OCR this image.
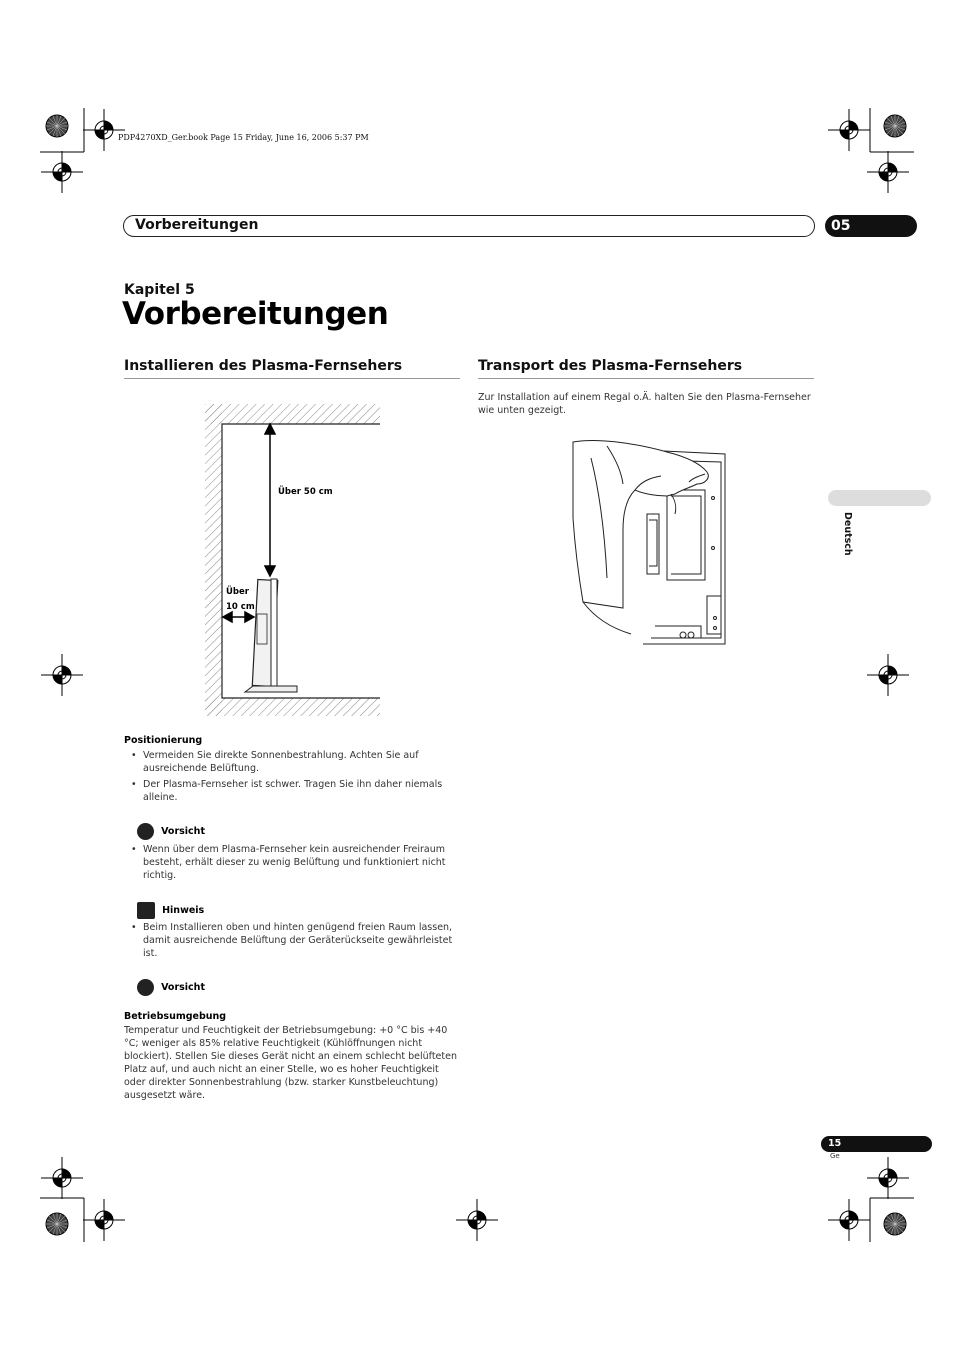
PDP4270XD_Ger.book Page 15 Friday, June 16, 2006 5:37 PM
Vorbereitungen	05
Kapitel 5
Vorbereitungen
Installieren des Plasma-Fernsehers
Über 50 cm
Über
10 cm
Positionierung
• Vermeiden Sie direkte Sonnenbestrahlung. Achten Sie auf ausreichende Belüftung.
• Der Plasma-Fernseher ist schwer. Tragen Sie ihn daher niemals alleine.
Vorsicht
• Wenn über dem Plasma-Fernseher kein ausreichender Freiraum besteht, erhält dieser zu wenig Belüftung und funktioniert nicht richtig.
Hinweis
• Beim Installieren oben und hinten genügend freien Raum lassen, damit ausreichende Belüftung der Geräterückseite gewährleistet ist.
Vorsicht
Betriebsumgebung
Temperatur und Feuchtigkeit der Betriebsumgebung: +0 °C bis +40 °C; weniger als 85% relative Feuchtigkeit (Kühlöffnungen nicht blockiert). Stellen Sie dieses Gerät nicht an einem schlecht belüfteten Platz auf, und auch nicht an einer Stelle, wo es hoher Feuchtigkeit oder direkter Sonnenbestrahlung (bzw. starker Kunstbeleuchtung) ausgesetzt wäre.
Transport des Plasma-Fernsehers
Zur Installation auf einem Regal o.Ä. halten Sie den Plasma-Fernseher wie unten gezeigt.
Deutsch
15
Ge
